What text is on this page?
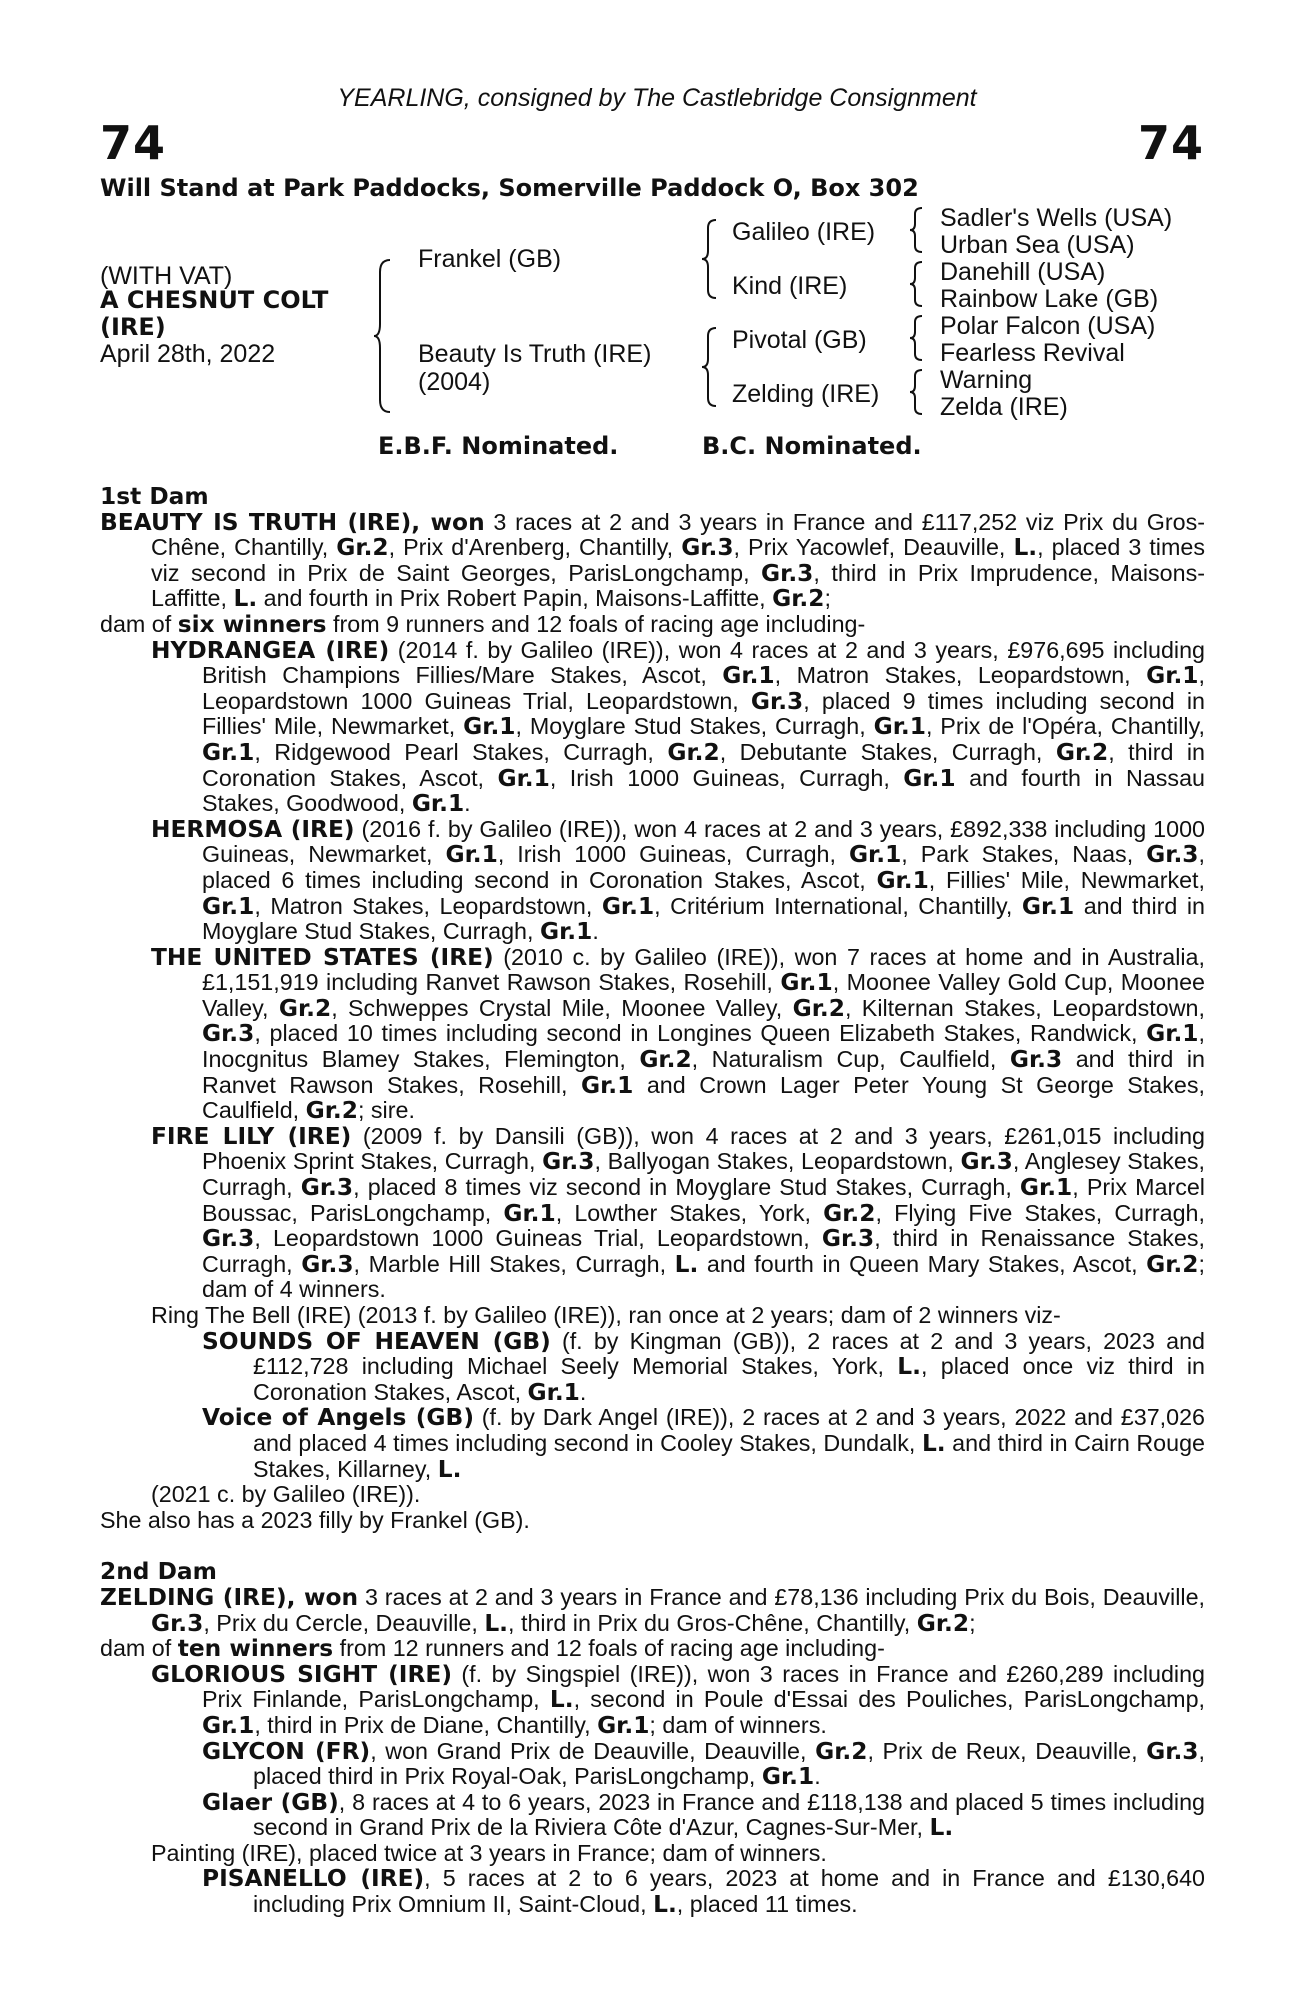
YEARLING, consigned by The Castlebridge Consignment
74	74
Will Stand at Park Paddocks, Somerville Paddock O, Box 302
(WITH VAT)
A CHESNUT COLT
(IRE)
April 28th, 2022
Frankel (GB)
Beauty Is Truth (IRE)
(2004)
Galileo (IRE)
Kind (IRE)
Pivotal (GB)
Zelding (IRE)
Sadler's Wells (USA)
Urban Sea (USA)
Danehill (USA)
Rainbow Lake (GB)
Polar Falcon (USA)
Fearless Revival
Warning
Zelda (IRE)
E.B.F. Nominated.	B.C. Nominated.

1st Dam

BEAUTY IS TRUTH (IRE), won 3 races at 2 and 3 years in France and £117,252 viz Prix du Gros-Chêne, Chantilly, Gr.2, Prix d'Arenberg, Chantilly, Gr.3, Prix Yacowlef, Deauville, L., placed 3 times viz second in Prix de Saint Georges, ParisLongchamp, Gr.3, third in Prix Imprudence, Maisons-Laffitte, L. and fourth in Prix Robert Papin, Maisons-Laffitte, Gr.2;

dam of six winners from 9 runners and 12 foals of racing age including-

HYDRANGEA (IRE) (2014 f. by Galileo (IRE)), won 4 races at 2 and 3 years, £976,695 including British Champions Fillies/Mare Stakes, Ascot, Gr.1, Matron Stakes, Leopardstown, Gr.1, Leopardstown 1000 Guineas Trial, Leopardstown, Gr.3, placed 9 times including second in Fillies' Mile, Newmarket, Gr.1, Moyglare Stud Stakes, Curragh, Gr.1, Prix de l'Opéra, Chantilly, Gr.1, Ridgewood Pearl Stakes, Curragh, Gr.2, Debutante Stakes, Curragh, Gr.2, third in Coronation Stakes, Ascot, Gr.1, Irish 1000 Guineas, Curragh, Gr.1 and fourth in Nassau Stakes, Goodwood, Gr.1.

HERMOSA (IRE) (2016 f. by Galileo (IRE)), won 4 races at 2 and 3 years, £892,338 including 1000 Guineas, Newmarket, Gr.1, Irish 1000 Guineas, Curragh, Gr.1, Park Stakes, Naas, Gr.3, placed 6 times including second in Coronation Stakes, Ascot, Gr.1, Fillies' Mile, Newmarket, Gr.1, Matron Stakes, Leopardstown, Gr.1, Critérium International, Chantilly, Gr.1 and third in Moyglare Stud Stakes, Curragh, Gr.1.

THE UNITED STATES (IRE) (2010 c. by Galileo (IRE)), won 7 races at home and in Australia, £1,151,919 including Ranvet Rawson Stakes, Rosehill, Gr.1, Moonee Valley Gold Cup, Moonee Valley, Gr.2, Schweppes Crystal Mile, Moonee Valley, Gr.2, Kilternan Stakes, Leopardstown, Gr.3, placed 10 times including second in Longines Queen Elizabeth Stakes, Randwick, Gr.1, Inocgnitus Blamey Stakes, Flemington, Gr.2, Naturalism Cup, Caulfield, Gr.3 and third in Ranvet Rawson Stakes, Rosehill, Gr.1 and Crown Lager Peter Young St George Stakes, Caulfield, Gr.2; sire.

FIRE LILY (IRE) (2009 f. by Dansili (GB)), won 4 races at 2 and 3 years, £261,015 including Phoenix Sprint Stakes, Curragh, Gr.3, Ballyogan Stakes, Leopardstown, Gr.3, Anglesey Stakes, Curragh, Gr.3, placed 8 times viz second in Moyglare Stud Stakes, Curragh, Gr.1, Prix Marcel Boussac, ParisLongchamp, Gr.1, Lowther Stakes, York, Gr.2, Flying Five Stakes, Curragh, Gr.3, Leopardstown 1000 Guineas Trial, Leopardstown, Gr.3, third in Renaissance Stakes, Curragh, Gr.3, Marble Hill Stakes, Curragh, L. and fourth in Queen Mary Stakes, Ascot, Gr.2; dam of 4 winners.

Ring The Bell (IRE) (2013 f. by Galileo (IRE)), ran once at 2 years; dam of 2 winners viz-

SOUNDS OF HEAVEN (GB) (f. by Kingman (GB)), 2 races at 2 and 3 years, 2023 and £112,728 including Michael Seely Memorial Stakes, York, L., placed once viz third in Coronation Stakes, Ascot, Gr.1.

Voice of Angels (GB) (f. by Dark Angel (IRE)), 2 races at 2 and 3 years, 2022 and £37,026 and placed 4 times including second in Cooley Stakes, Dundalk, L. and third in Cairn Rouge Stakes, Killarney, L.

(2021 c. by Galileo (IRE)).

She also has a 2023 filly by Frankel (GB).

2nd Dam

ZELDING (IRE), won 3 races at 2 and 3 years in France and £78,136 including Prix du Bois, Deauville, Gr.3, Prix du Cercle, Deauville, L., third in Prix du Gros-Chêne, Chantilly, Gr.2;

dam of ten winners from 12 runners and 12 foals of racing age including-

GLORIOUS SIGHT (IRE) (f. by Singspiel (IRE)), won 3 races in France and £260,289 including Prix Finlande, ParisLongchamp, L., second in Poule d'Essai des Pouliches, ParisLongchamp, Gr.1, third in Prix de Diane, Chantilly, Gr.1; dam of winners.

GLYCON (FR), won Grand Prix de Deauville, Deauville, Gr.2, Prix de Reux, Deauville, Gr.3, placed third in Prix Royal-Oak, ParisLongchamp, Gr.1.

Glaer (GB), 8 races at 4 to 6 years, 2023 in France and £118,138 and placed 5 times including second in Grand Prix de la Riviera Côte d'Azur, Cagnes-Sur-Mer, L.

Painting (IRE), placed twice at 3 years in France; dam of winners.

PISANELLO (IRE), 5 races at 2 to 6 years, 2023 at home and in France and £130,640 including Prix Omnium II, Saint-Cloud, L., placed 11 times.
